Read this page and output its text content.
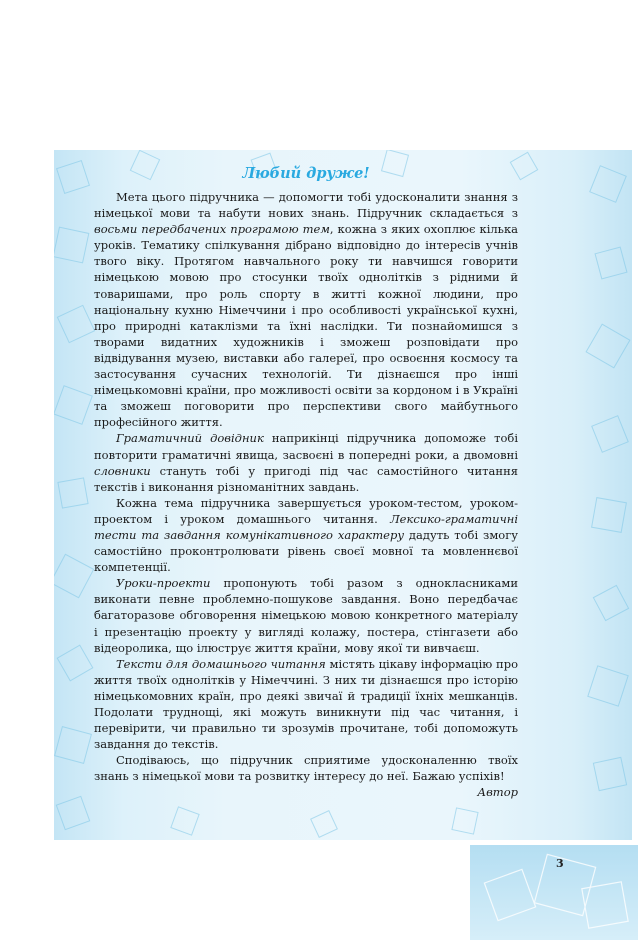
Любий друже!

Мета цього підручника — допомогти тобі удосконалити знання з німецької мови та набути нових знань. Підручник складається з восьми передбачених програмою тем, кожна з яких охоплює кілька уроків. Тематику спілкування дібрано відповідно до інтересів учнів твого віку. Протягом навчального року ти навчишся говорити німецькою мовою про стосунки твоїх однолітків з рідними й товаришами, про роль спорту в житті кожної людини, про національну кухню Німеччини і про особливості української кухні, про природні катаклізми та їхні наслідки. Ти познайомишся з творами видатних художників і зможеш розповідати про відвідування музею, виставки або галереї, про освоєння космосу та застосування сучасних технологій. Ти дізнаєшся про інші німецькомовні країни, про можливості освіти за кордоном і в Україні та зможеш поговорити про перспективи свого майбутнього професійного життя.

Граматичний довідник наприкінці підручника допоможе тобі повторити граматичні явища, засвоєні в попередні роки, а двомовні словники стануть тобі у пригоді під час самостійного читання текстів і виконання різноманітних завдань.

Кожна тема підручника завершується уроком-тестом, уроком-проектом і уроком домашнього читання. Лексико-граматичні тести та завдання комунікативного характеру дадуть тобі змогу самостійно проконтролювати рівень своєї мовної та мовленнєвої компетенції.

Уроки-проекти пропонують тобі разом з однокласниками виконати певне проблемно-пошукове завдання. Воно передбачає багаторазове обговорення німецькою мовою конкретного матеріалу і презентацію проекту у вигляді колажу, постера, стінгазети або відеоролика, що ілюструє життя країни, мову якої ти вивчаєш.

Тексти для домашнього читання містять цікаву інформацію про життя твоїх однолітків у Німеччині. З них ти дізнаєшся про історію німецькомовних країн, про деякі звичаї й традиції їхніх мешканців. Подолати труднощі, які можуть виникнути під час читання, і перевірити, чи правильно ти зрозумів прочитане, тобі допоможуть завдання до текстів.

Сподіваюсь, що підручник сприятиме удосконаленню твоїх знань з німецької мови та розвитку інтересу до неї. Бажаю успіхів!

Автор

3
